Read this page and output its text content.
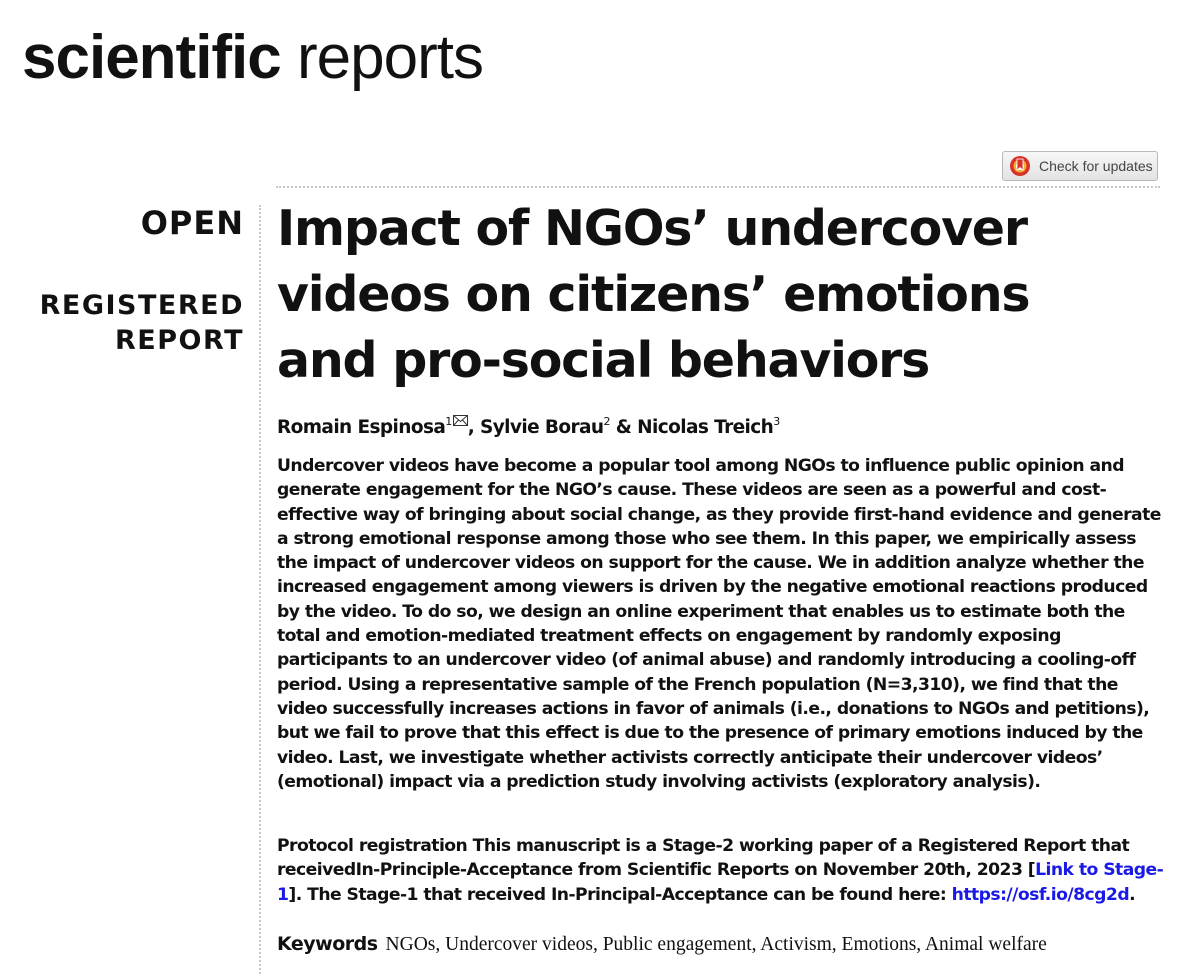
scientific reports
Check for updates
OPEN
REGISTERED
REPORT
Impact of NGOs’ undercover videos on citizens’ emotions and pro-social behaviors
Romain Espinosa$^1$ , Sylvie Borau$^2$ & Nicolas Treich$^3$

Undercover videos have become a popular tool among NGOs to influence public opinion and generate engagement for the NGO’s cause. These videos are seen as a powerful and cost-effective way of bringing about social change, as they provide first-hand evidence and generate a strong emotional response among those who see them. In this paper, we empirically assess the impact of undercover videos on support for the cause. We in addition analyze whether the increased engagement among viewers is driven by the negative emotional reactions produced by the video. To do so, we design an online experiment that enables us to estimate both the total and emotion-mediated treatment effects on engagement by randomly exposing participants to an undercover video (of animal abuse) and randomly introducing a cooling-off period. Using a representative sample of the French population (N=3,310), we find that the video successfully increases actions in favor of animals (i.e., donations to NGOs and petitions), but we fail to prove that this effect is due to the presence of primary emotions induced by the video. Last, we investigate whether activists correctly anticipate their undercover videos’ (emotional) impact via a prediction study involving activists (exploratory analysis).

Protocol registration This manuscript is a Stage-2 working paper of a Registered Report that receivedIn-Principle-Acceptance from Scientific Reports on November 20th, 2023 [Link to Stage-1]. The Stage-1 that received In-Principal-Acceptance can be found here: https://osf.io/8cg2d.

Keywords NGOs, Undercover videos, Public engagement, Activism, Emotions, Animal welfare
